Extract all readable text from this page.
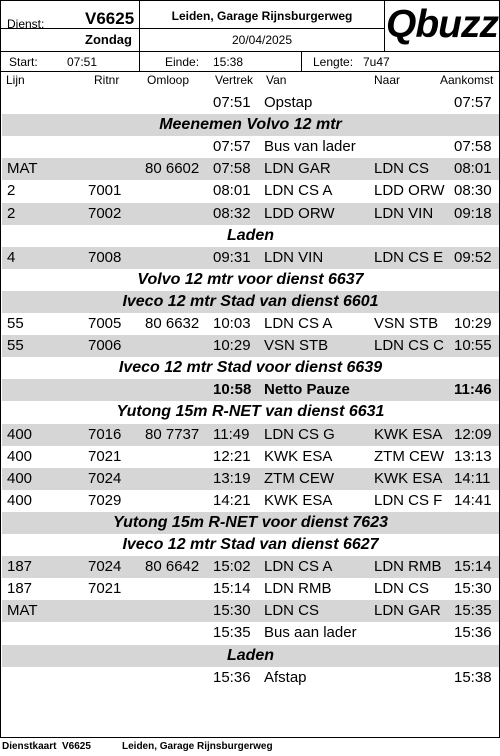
Dienst: V6625
Zondag
Leiden, Garage Rijnsburgerweg
20/04/2025	Qbuzz
Start: 07:51	Einde: 15:38	Lengte: 7u47
Lijn	Ritnr Omloop Vertrek Van	Naar	Aankomst
07:51 Opstap	07:57
Meenemen Volvo 12 mtr
07:57 Bus van lader	07:58
MAT	80 6602 07:58 LDN GAR	LDN CS 08:01
2	7001	08:01 LDN CS A	LDD ORW 08:30
2	7002	08:32 LDD ORW	LDN VIN 09:18
Laden
4	7008	09:31 LDN VIN	LDN CS E 09:52
Volvo 12 mtr voor dienst 6637
Iveco 12 mtr Stad van dienst 6601
55	7005 80 6632 10:03 LDN CS A	VSN STB 10:29
55	7006	10:29 VSN STB	LDN CS C 10:55
Iveco 12 mtr Stad voor dienst 6639
10:58 Netto Pauze	11:46
Yutong 15m R-NET van dienst 6631
400	7016 80 7737 11:49 LDN CS G	KWK ESA 12:09
400	7021	12:21 KWK ESA	ZTM CEW 13:13
400	7024	13:19 ZTM CEW	KWK ESA 14:11
400	7029	14:21 KWK ESA	LDN CS F 14:41
Yutong 15m R-NET voor dienst 7623
Iveco 12 mtr Stad van dienst 6627
187	7024 80 6642 15:02 LDN CS A	LDN RMB 15:14
187	7021	15:14 LDN RMB	LDN CS 15:30
MAT	15:30 LDN CS	LDN GAR 15:35
15:35 Bus aan lader	15:36
Laden
15:36 Afstap	15:38
Dienstkaart V6625	Leiden, Garage Rijnsburgerweg
